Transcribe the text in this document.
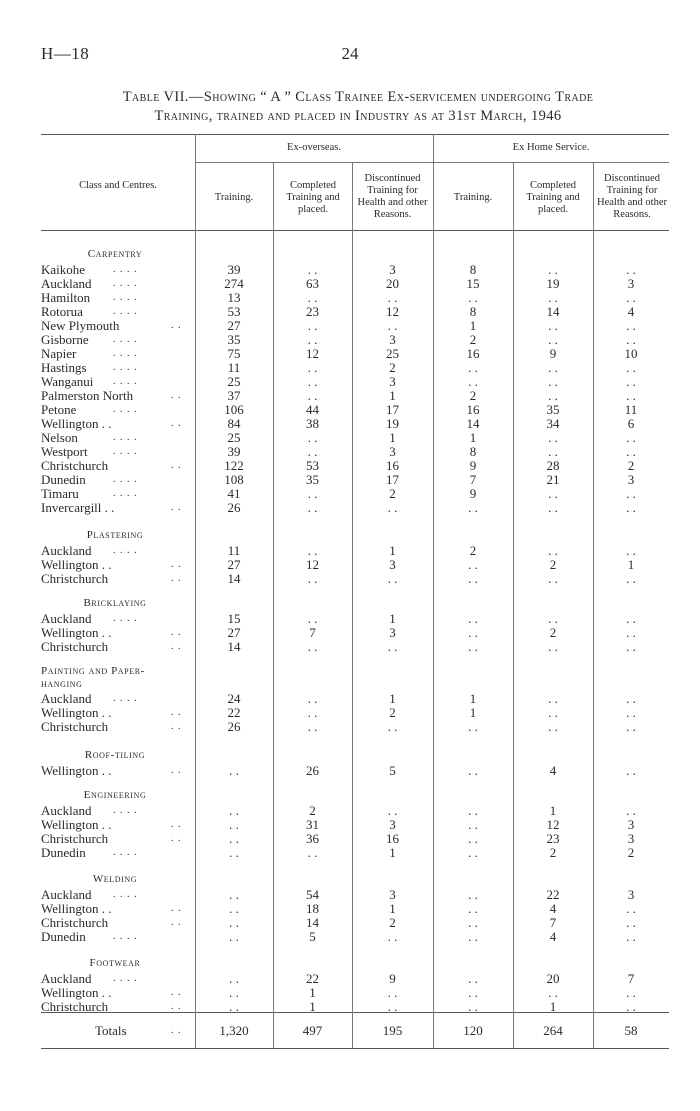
H—18	24
Table VII.—Showing “ A ” Class Trainee Ex-servicemen undergoing Trade
Training, trained and placed in Industry as at 31st March, 1946
Class and Centres.
Ex-overseas.	Ex Home Service.
Training.
Completed Training and placed.
Discontinued Training for Health and other Reasons.
Training.
Completed Training and placed.
Discontinued Training for Health and other Reasons.
Carpentry
Kaikohe	. . . .	39	. .	3	8	. .	. .
Auckland . . . .	274	63	20	15	19	3
Hamilton . . . .	13	. .	. .	. .	. .	. .
Rotorua	. . . .	53	23	12	8	14	4
New Plymouth	. .	27	. .	. .	1	. .	. .
Gisborne . . . .	35	. .	3	2	. .	. .
Napier	. . . .	75	12	25	16	9	10
Hastings	. . . .	11	. .	2	. .	. .	. .
Wanganui . . . .	25	. .	3	. .	. .	. .
Palmerston North	. .	37	. .	1	2	. .	. .
Petone	. . . .	106	44	17	16	35	11
Wellington . .	. .	84	38	19	14	34	6
Nelson	. . . .	25	. .	1	1	. .	. .
Westport	. . . .	39	. .	3	8	. .	. .
Christchurch	. .	122	53	16	9	28	2
Dunedin	. . . .	108	35	17	7	21	3
Timaru	. . . .	41	. .	2	9	. .	. .
Invercargill . .	. .	26	. .	. .	. .	. .	. .
Plastering
Auckland . . . .	11	. .	1	2	. .	. .
Wellington . .	. .	27	12	3	. .	2	1
Christchurch	. .	14	. .	. .	. .	. .	. .
Bricklaying
Auckland . . . .	15	. .	1	. .	. .	. .
Wellington . .	. .	27	7	3	. .	2	. .
Christchurch	. .	14	. .	. .	. .	. .	. .
Painting and Paper-hanging
Auckland . . . .	24	. .	1	1	. .	. .
Wellington . .	. .	22	. .	2	1	. .	. .
Christchurch	. .	26	. .	. .	. .	. .	. .
Roof-tiling
Wellington . .	. .	. .	26	5	. .	4	. .
Engineering
Auckland . . . .	. .	2	. .	. .	1	. .
Wellington . .	. .	. .	31	3	. .	12	3
Christchurch	. .	. .	36	16	. .	23	3
Dunedin	. . . .	. .	. .	1	. .	2	2
Welding
Auckland . . . .	. .	54	3	. .	22	3
Wellington . .	. .	. .	18	1	. .	4	. .
Christchurch	. .	. .	14	2	. .	7	. .
Dunedin	. . . .	. .	5	. .	. .	4	. .
Footwear
Auckland . . . .	. .	22	9	. .	20	7
Wellington . .	. .	. .	1	. .	. .	. .	. .
Christchurch	. .	. .	1	. .	. .	1	. .
Totals	. .	1,320	497	195	120	264	58
